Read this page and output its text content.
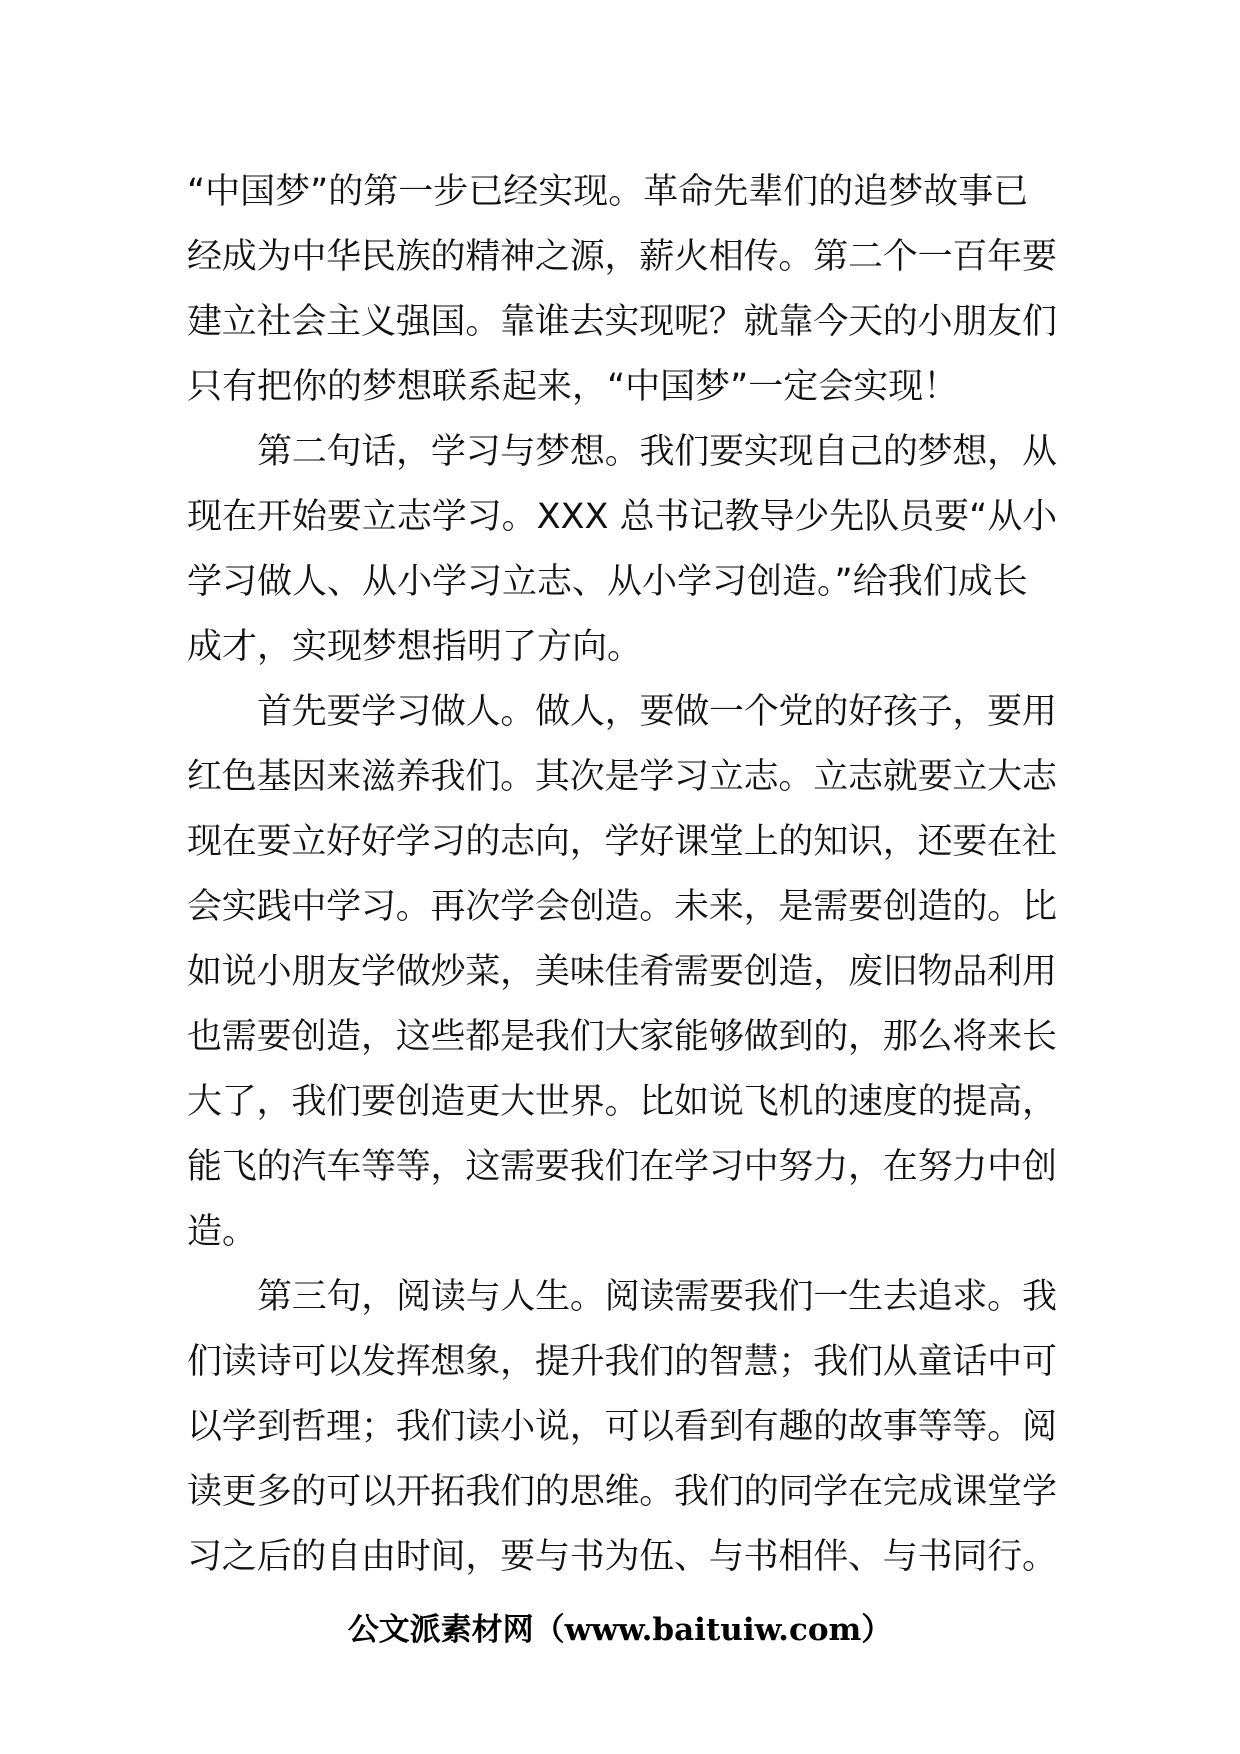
“中国梦”的第一步已经实现。革命先辈们的追梦故事已
经成为中华民族的精神之源，薪火相传。第二个一百年要
建立社会主义强国。靠谁去实现呢？就靠今天的小朋友们
只有把你的梦想联系起来，“中国梦”一定会实现！
第二句话，学习与梦想。我们要实现自己的梦想，从
现在开始要立志学习。XXX 总书记教导少先队员要“从小
学习做人、从小学习立志、从小学习创造。”给我们成长
成才，实现梦想指明了方向。
首先要学习做人。做人，要做一个党的好孩子，要用
红色基因来滋养我们。其次是学习立志。立志就要立大志
现在要立好好学习的志向，学好课堂上的知识，还要在社
会实践中学习。再次学会创造。未来，是需要创造的。比
如说小朋友学做炒菜，美味佳肴需要创造，废旧物品利用
也需要创造，这些都是我们大家能够做到的，那么将来长
大了，我们要创造更大世界。比如说飞机的速度的提高，
能飞的汽车等等，这需要我们在学习中努力，在努力中创
造。
第三句，阅读与人生。阅读需要我们一生去追求。我
们读诗可以发挥想象，提升我们的智慧；我们从童话中可
以学到哲理；我们读小说，可以看到有趣的故事等等。阅
读更多的可以开拓我们的思维。我们的同学在完成课堂学
习之后的自由时间，要与书为伍、与书相伴、与书同行。
公文派素材网（www.baituiw.com）
